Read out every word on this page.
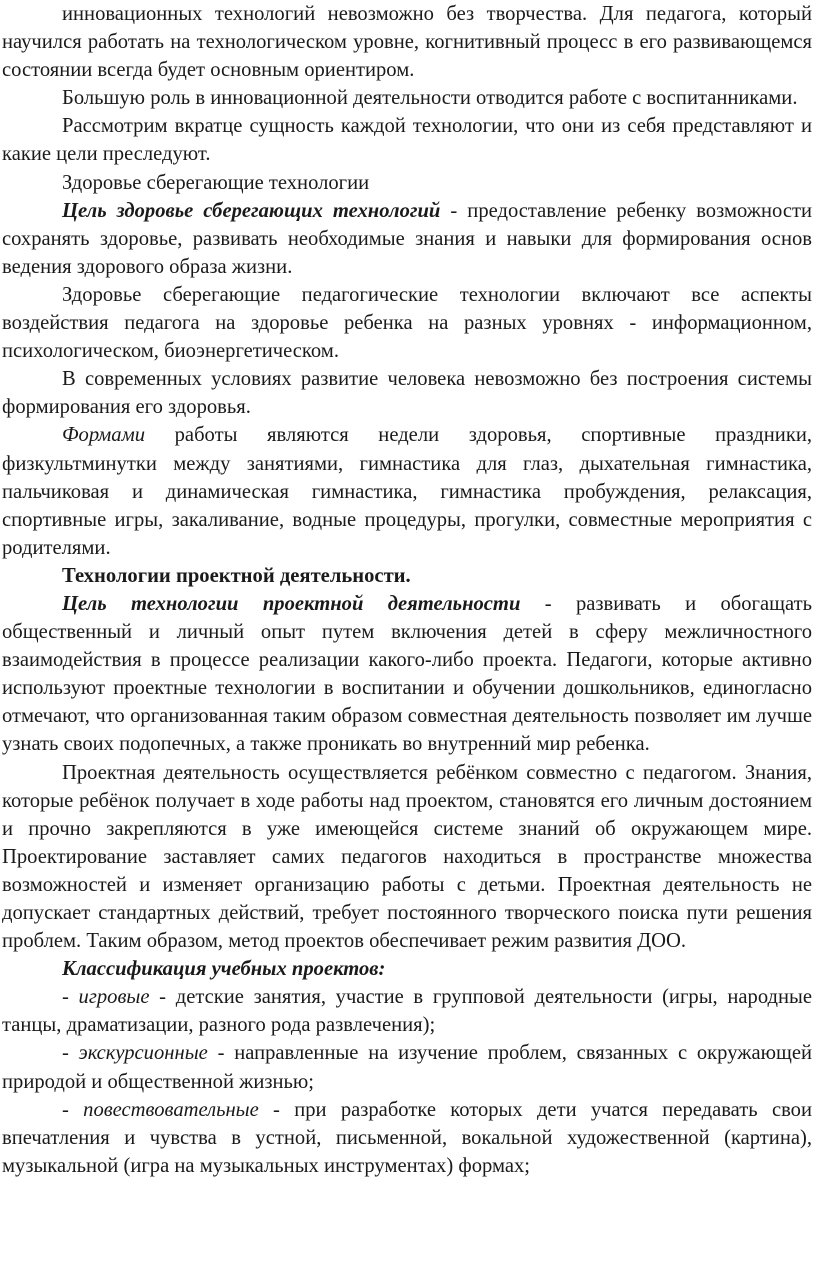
инновационных технологий невозможно без творчества. Для педагога, который научился работать на технологическом уровне, когнитивный процесс в его развивающемся состоянии всегда будет основным ориентиром.

Большую роль в инновационной деятельности отводится работе с воспитанниками.

Рассмотрим вкратце сущность каждой технологии, что они из себя представляют и какие цели преследуют.

Здоровье сберегающие технологии

Цель здоровье сберегающих технологий - предоставление ребенку возможности сохранять здоровье, развивать необходимые знания и навыки для формирования основ ведения здорового образа жизни.

Здоровье сберегающие педагогические технологии включают все аспекты воздействия педагога на здоровье ребенка на разных уровнях - информационном, психологическом, биоэнергетическом.

В современных условиях развитие человека невозможно без построения системы формирования его здоровья.

Формами работы являются недели здоровья, спортивные праздники, физкультминутки между занятиями, гимнастика для глаз, дыхательная гимнастика, пальчиковая и динамическая гимнастика, гимнастика пробуждения, релаксация, спортивные игры, закаливание, водные процедуры, прогулки, совместные мероприятия с родителями.

Технологии проектной деятельности.

Цель технологии проектной деятельности - развивать и обогащать общественный и личный опыт путем включения детей в сферу межличностного взаимодействия в процессе реализации какого-либо проекта. Педагоги, которые активно используют проектные технологии в воспитании и обучении дошкольников, единогласно отмечают, что организованная таким образом совместная деятельность позволяет им лучше узнать своих подопечных, а также проникать во внутренний мир ребенка.

Проектная деятельность осуществляется ребёнком совместно с педагогом. Знания, которые ребёнок получает в ходе работы над проектом, становятся его личным достоянием и прочно закрепляются в уже имеющейся системе знаний об окружающем мире. Проектирование заставляет самих педагогов находиться в пространстве множества возможностей и изменяет организацию работы с детьми. Проектная деятельность не допускает стандартных действий, требует постоянного творческого поиска пути решения проблем. Таким образом, метод проектов обеспечивает режим развития ДОО.

Классификация учебных проектов:

- игровые - детские занятия, участие в групповой деятельности (игры, народные танцы, драматизации, разного рода развлечения);

- экскурсионные - направленные на изучение проблем, связанных с окружающей природой и общественной жизнью;

- повествовательные - при разработке которых дети учатся передавать свои впечатления и чувства в устной, письменной, вокальной художественной (картина), музыкальной (игра на музыкальных инструментах) формах;
